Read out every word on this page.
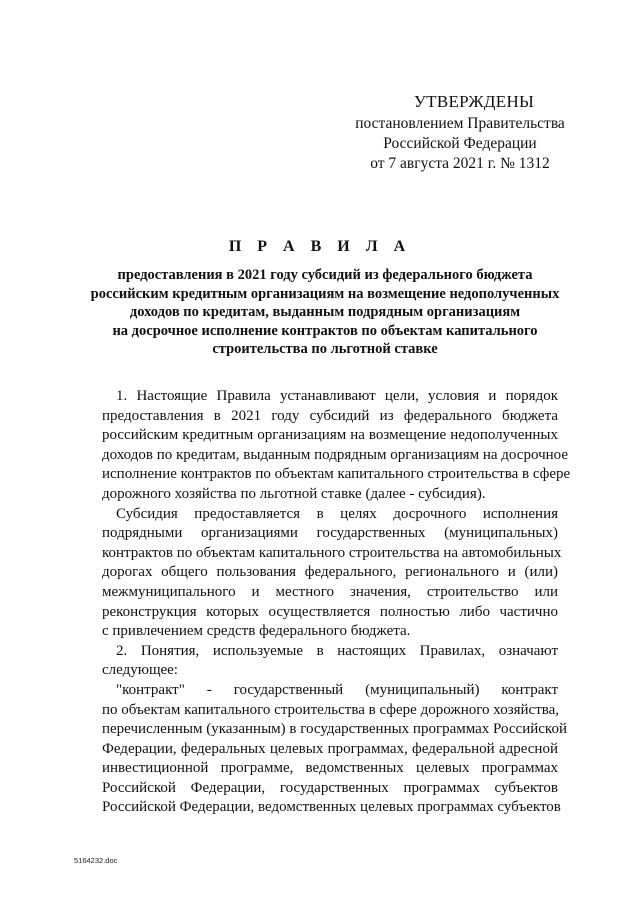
УТВЕРЖДЕНЫ
постановлением Правительства
Российской Федерации
от 7 августа 2021 г. № 1312
П Р А В И Л А
предоставления в 2021 году субсидий из федерального бюджета
российским кредитным организациям на возмещение недополученных
доходов по кредитам, выданным подрядным организациям
на досрочное исполнение контрактов по объектам капитального
строительства по льготной ставке

1. Настоящие Правила устанавливают цели, условия и порядок
предоставления в 2021 году субсидий из федерального бюджета
российским кредитным организациям на возмещение недополученных
доходов по кредитам, выданным подрядным организациям на досрочное
исполнение контрактов по объектам капитального строительства в сфере
дорожного хозяйства по льготной ставке (далее - субсидия).

Субсидия предоставляется в целях досрочного исполнения
подрядными организациями государственных (муниципальных)
контрактов по объектам капитального строительства на автомобильных
дорогах общего пользования федерального, регионального и (или)
межмуниципального и местного значения, строительство или
реконструкция которых осуществляется полностью либо частично
с привлечением средств федерального бюджета.

2. Понятия, используемые в настоящих Правилах, означают
следующее:

"контракт" - государственный (муниципальный) контракт
по объектам капитального строительства в сфере дорожного хозяйства,
перечисленным (указанным) в государственных программах Российской
Федерации, федеральных целевых программах, федеральной адресной
инвестиционной программе, ведомственных целевых программах
Российской Федерации, государственных программах субъектов
Российской Федерации, ведомственных целевых программах субъектов

5164232.doc
